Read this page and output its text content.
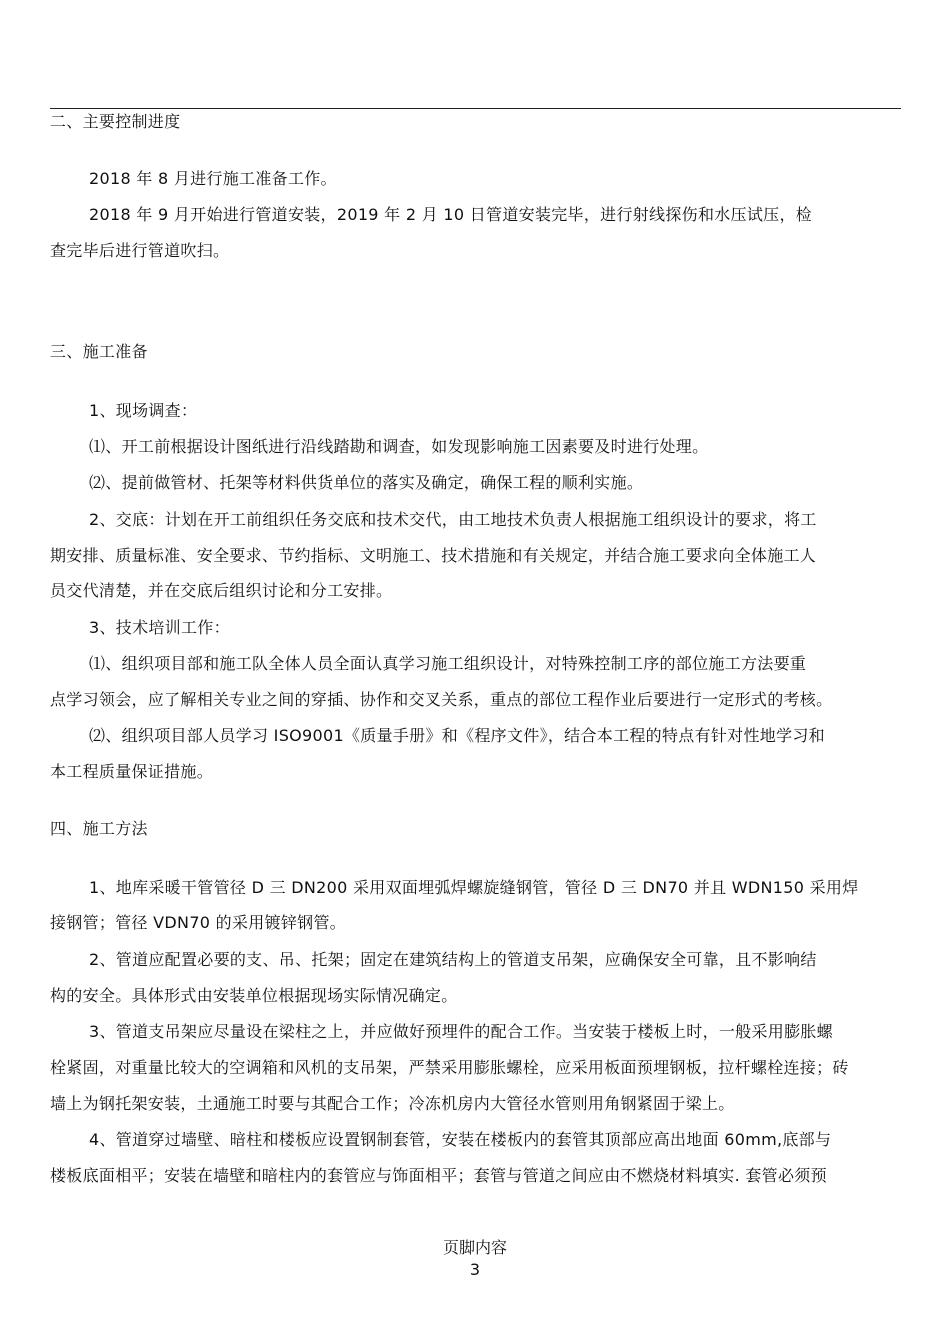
二、主要控制进度
2018 年 8 月进行施工准备工作。
2018 年 9 月开始进行管道安装，2019 年 2 月 10 日管道安装完毕，进行射线探伤和水压试压，检
查完毕后进行管道吹扫。
三、施工准备
1、现场调查：
⑴、开工前根据设计图纸进行沿线踏勘和调查，如发现影响施工因素要及时进行处理。
⑵、提前做管材、托架等材料供货单位的落实及确定，确保工程的顺利实施。
2、交底：计划在开工前组织任务交底和技术交代，由工地技术负责人根据施工组织设计的要求，将工
期安排、质量标准、安全要求、节约指标、文明施工、技术措施和有关规定，并结合施工要求向全体施工人
员交代清楚，并在交底后组织讨论和分工安排。
3、技术培训工作：
⑴、组织项目部和施工队全体人员全面认真学习施工组织设计，对特殊控制工序的部位施工方法要重
点学习领会，应了解相关专业之间的穿插、协作和交叉关系，重点的部位工程作业后要进行一定形式的考核。
⑵、组织项目部人员学习 ISO9001《质量手册》和《程序文件》，结合本工程的特点有针对性地学习和
本工程质量保证措施。
四、施工方法
1、地库采暖干管管径 D 三 DN200 采用双面埋弧焊螺旋缝钢管，管径 D 三 DN70 并且 WDN150 采用焊
接钢管；管径 VDN70 的采用镀锌钢管。
2、管道应配置必要的支、吊、托架；固定在建筑结构上的管道支吊架，应确保安全可靠，且不影响结
构的安全。具体形式由安装单位根据现场实际情况确定。
3、管道支吊架应尽量设在梁柱之上，并应做好预埋件的配合工作。当安装于楼板上时，一般采用膨胀螺
栓紧固，对重量比较大的空调箱和风机的支吊架，严禁采用膨胀螺栓，应采用板面预埋钢板，拉杆螺栓连接；砖
墙上为钢托架安装，土通施工时要与其配合工作；冷冻机房内大管径水管则用角钢紧固于梁上。
4、管道穿过墙壁、暗柱和楼板应设置钢制套管，安装在楼板内的套管其顶部应高出地面 60mm,底部与
楼板底面相平；安装在墙壁和暗柱内的套管应与饰面相平；套管与管道之间应由不燃烧材料填实. 套管必须预
页脚内容
3
